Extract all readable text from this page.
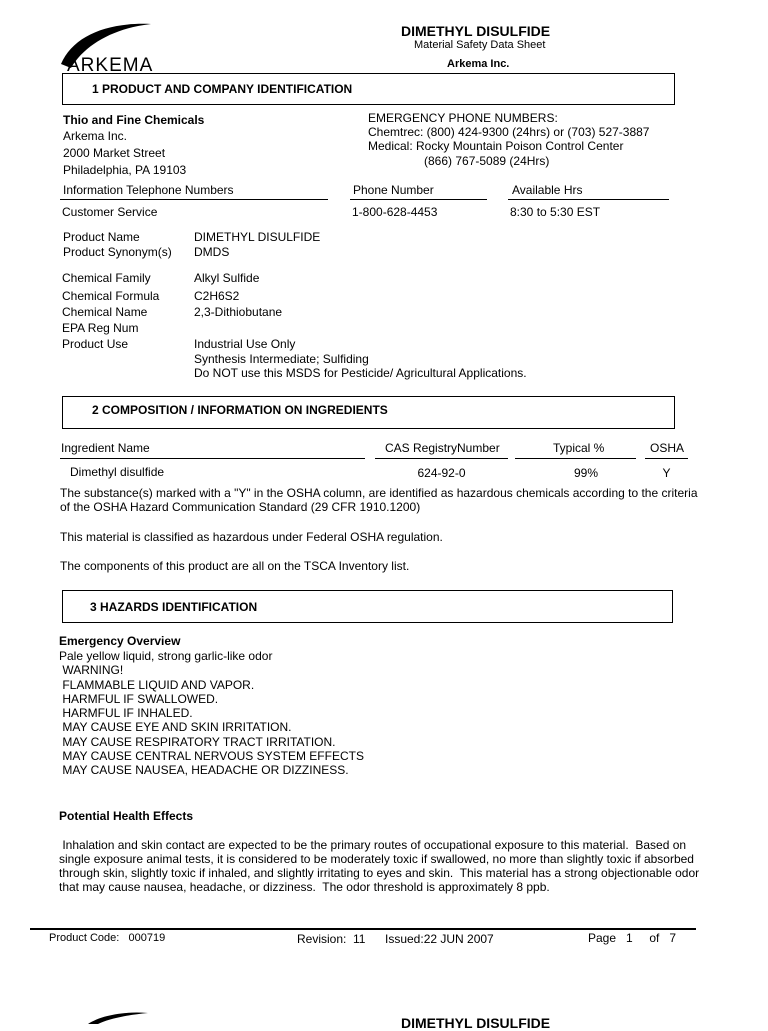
ARKEMA
DIMETHYL DISULFIDE
Material Safety Data Sheet
Arkema Inc.
1 PRODUCT AND COMPANY IDENTIFICATION
Thio and Fine Chemicals
Arkema Inc.
2000 Market Street
Philadelphia, PA 19103
EMERGENCY PHONE NUMBERS:
Chemtrec: (800) 424-9300 (24hrs) or (703) 527-3887
Medical: Rocky Mountain Poison Control Center
(866) 767-5089 (24Hrs)
Information Telephone Numbers	Phone Number	Available Hrs
Customer Service	1-800-628-4453	8:30 to 5:30 EST
Product Name	DIMETHYL DISULFIDE
Product Synonym(s) DMDS
Chemical Family	Alkyl Sulfide
Chemical Formula	C2H6S2
Chemical Name	2,3-Dithiobutane
EPA Reg Num
Product Use	Industrial Use Only
Synthesis Intermediate; Sulfiding
Do NOT use this MSDS for Pesticide/ Agricultural Applications.
2 COMPOSITION / INFORMATION ON INGREDIENTS
Ingredient Name	CAS RegistryNumber	Typical %	OSHA
Dimethyl disulfide	624-92-0	99%	Y
The substance(s) marked with a "Y" in the OSHA column, are identified as hazardous chemicals according to the criteria of the OSHA Hazard Communication Standard (29 CFR 1910.1200)
This material is classified as hazardous under Federal OSHA regulation.
The components of this product are all on the TSCA Inventory list.
3 HAZARDS IDENTIFICATION
Emergency Overview
Pale yellow liquid, strong garlic-like odor
WARNING!
FLAMMABLE LIQUID AND VAPOR.
HARMFUL IF SWALLOWED.
HARMFUL IF INHALED.
MAY CAUSE EYE AND SKIN IRRITATION.
MAY CAUSE RESPIRATORY TRACT IRRITATION.
MAY CAUSE CENTRAL NERVOUS SYSTEM EFFECTS
MAY CAUSE NAUSEA, HEADACHE OR DIZZINESS.
Potential Health Effects
Inhalation and skin contact are expected to be the primary routes of occupational exposure to this material.  Based on single exposure animal tests, it is considered to be moderately toxic if swallowed, no more than slightly toxic if absorbed through skin, slightly toxic if inhaled, and slightly irritating to eyes and skin.  This material has a strong objectionable odor that may cause nausea, headache, or dizziness.  The odor threshold is approximately 8 ppb.
Product Code:   000719	Revision:  11 Issued:22 JUN 2007	Page   1     of   7
DIMETHYL DISULFIDE
